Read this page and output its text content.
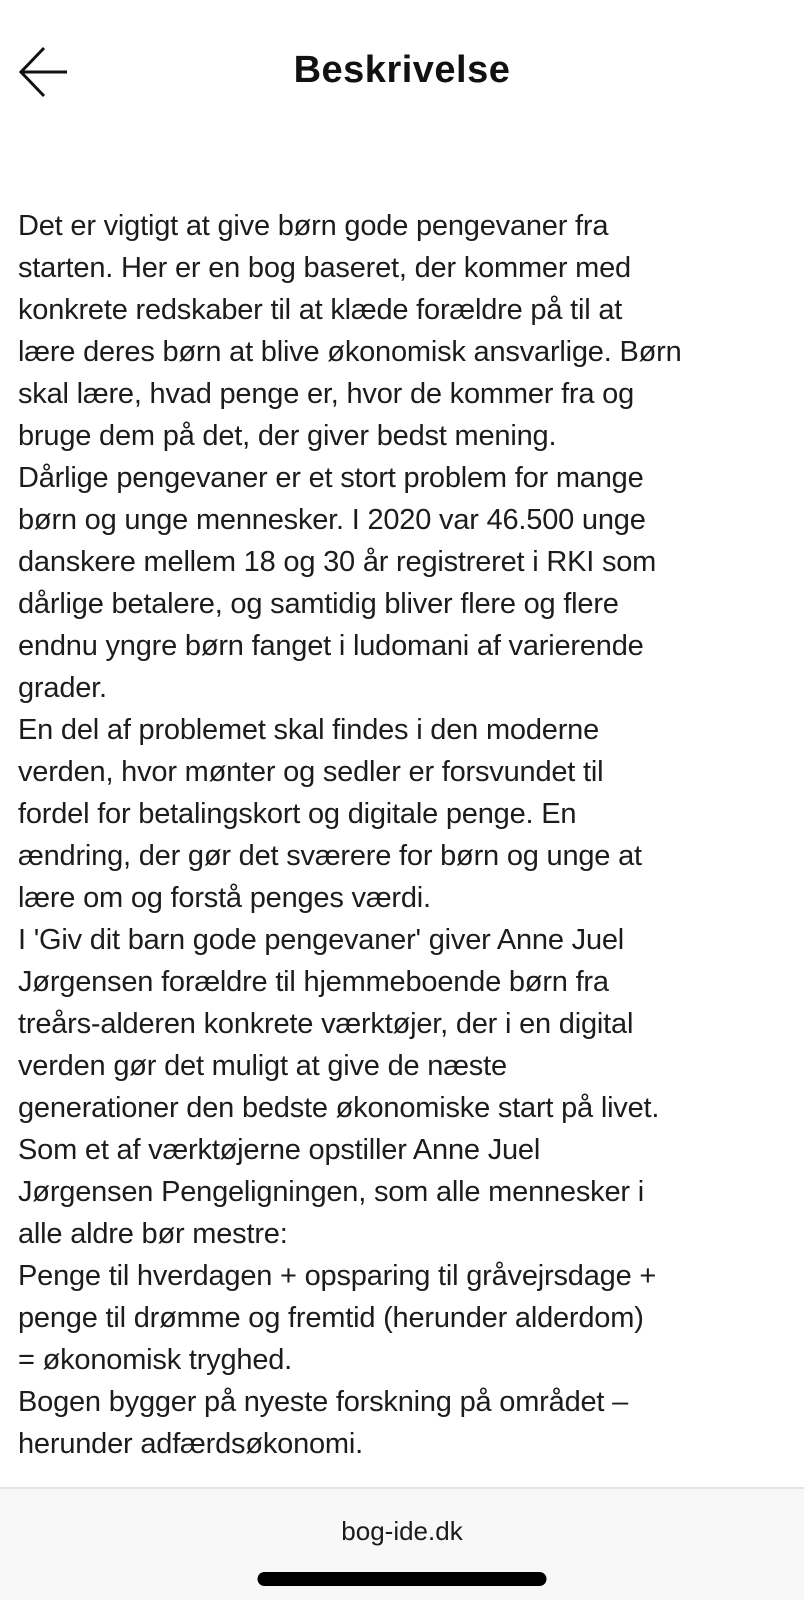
Beskrivelse
Det er vigtigt at give børn gode pengevaner fra
starten. Her er en bog baseret, der kommer med
konkrete redskaber til at klæde forældre på til at
lære deres børn at blive økonomisk ansvarlige. Børn
skal lære, hvad penge er, hvor de kommer fra og
bruge dem på det, der giver bedst mening.
Dårlige pengevaner er et stort problem for mange
børn og unge mennesker. I 2020 var 46.500 unge
danskere mellem 18 og 30 år registreret i RKI som
dårlige betalere, og samtidig bliver flere og flere
endnu yngre børn fanget i ludomani af varierende
grader.
En del af problemet skal findes i den moderne
verden, hvor mønter og sedler er forsvundet til
fordel for betalingskort og digitale penge. En
ændring, der gør det sværere for børn og unge at
lære om og forstå penges værdi.
I 'Giv dit barn gode pengevaner' giver Anne Juel
Jørgensen forældre til hjemmeboende børn fra
treårs-alderen konkrete værktøjer, der i en digital
verden gør det muligt at give de næste
generationer den bedste økonomiske start på livet.
Som et af værktøjerne opstiller Anne Juel
Jørgensen Pengeligningen, som alle mennesker i
alle aldre bør mestre:
Penge til hverdagen + opsparing til gråvejrsdage +
penge til drømme og fremtid (herunder alderdom)
= økonomisk tryghed.
Bogen bygger på nyeste forskning på området –
herunder adfærdsøkonomi.
bog-ide.dk
